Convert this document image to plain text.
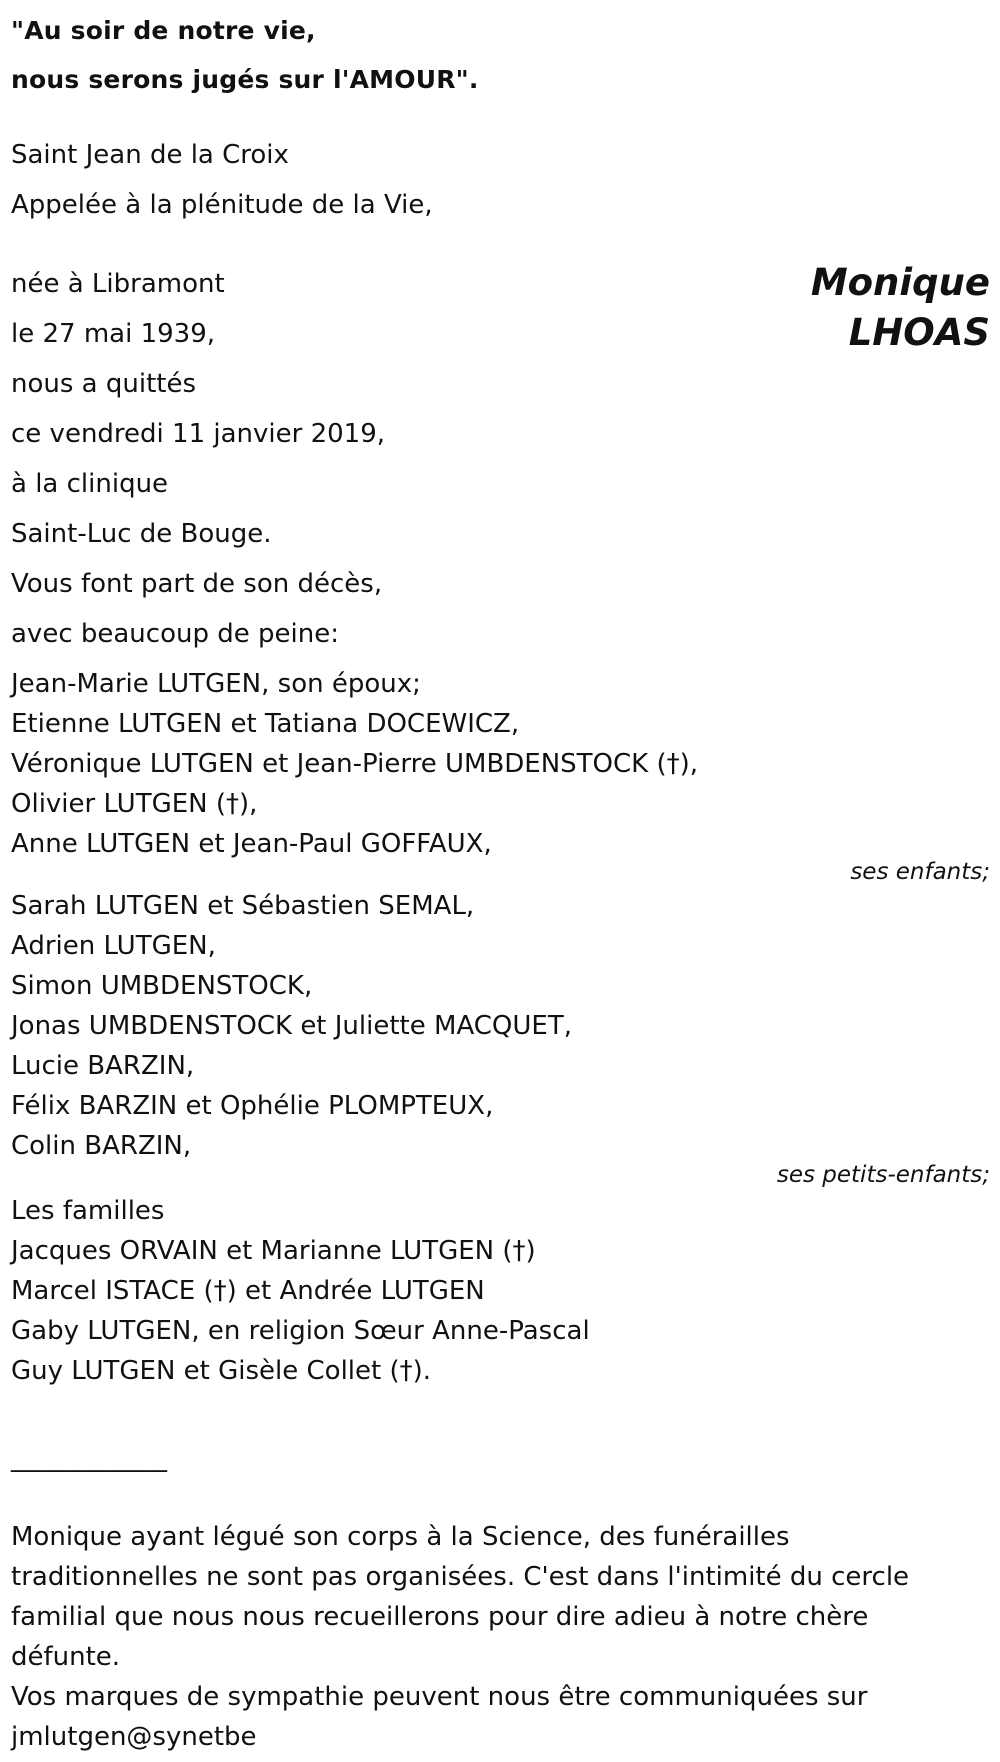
"Au soir de notre vie,
nous serons jugés sur l'AMOUR".
Saint Jean de la Croix
Appelée à la plénitude de la Vie,
Monique
LHOAS
née à Libramont
le 27 mai 1939,
nous a quittés
ce vendredi 11 janvier 2019,
à la clinique
Saint-Luc de Bouge.
Vous font part de son décès,
avec beaucoup de peine:
Jean-Marie LUTGEN, son époux;
Etienne LUTGEN et Tatiana DOCEWICZ,
Véronique LUTGEN et Jean-Pierre UMBDENSTOCK (†),
Olivier LUTGEN (†),
Anne LUTGEN et Jean-Paul GOFFAUX,
ses enfants;
Sarah LUTGEN et Sébastien SEMAL,
Adrien LUTGEN,
Simon UMBDENSTOCK,
Jonas UMBDENSTOCK et Juliette MACQUET,
Lucie BARZIN,
Félix BARZIN et Ophélie PLOMPTEUX,
Colin BARZIN,
ses petits-enfants;
Les familles
Jacques ORVAIN et Marianne LUTGEN (†)
Marcel ISTACE (†) et Andrée LUTGEN
Gaby LUTGEN, en religion Sœur Anne-Pascal
Guy LUTGEN et Gisèle Collet (†).
____________
Monique ayant légué son corps à la Science, des funérailles
traditionnelles ne sont pas organisées. C'est dans l'intimité du cercle
familial que nous nous recueillerons pour dire adieu à notre chère
défunte.
Vos marques de sympathie peuvent nous être communiquées sur
jmlutgen@synetbe
